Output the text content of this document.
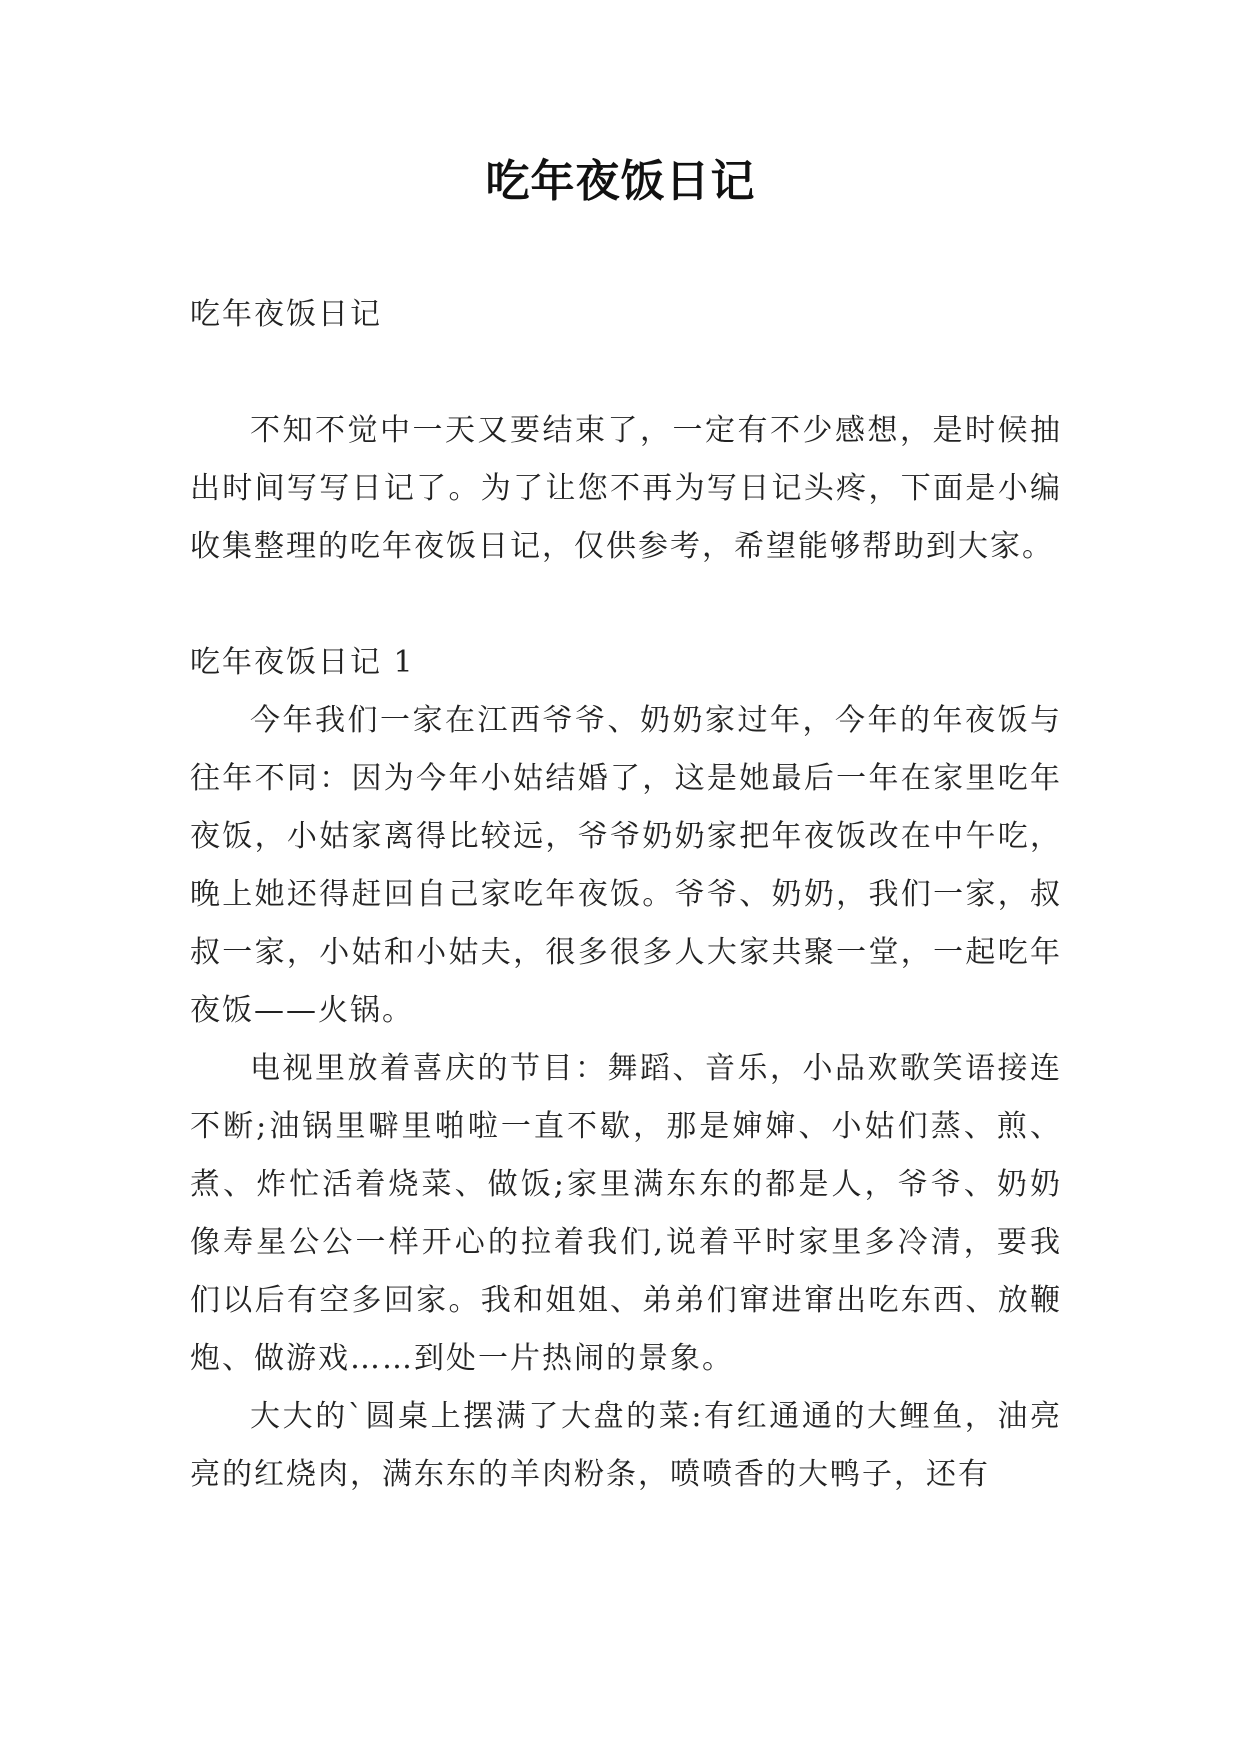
吃年夜饭日记

吃年夜饭日记

不知不觉中一天又要结束了，一定有不少感想，是时候抽出时间写写日记了。为了让您不再为写日记头疼，下面是小编收集整理的吃年夜饭日记，仅供参考，希望能够帮助到大家。

吃年夜饭日记 1

今年我们一家在江西爷爷、奶奶家过年，今年的年夜饭与往年不同：因为今年小姑结婚了，这是她最后一年在家里吃年夜饭，小姑家离得比较远，爷爷奶奶家把年夜饭改在中午吃，晚上她还得赶回自己家吃年夜饭。爷爷、奶奶，我们一家，叔叔一家，小姑和小姑夫，很多很多人大家共聚一堂，一起吃年夜饭——火锅。

电视里放着喜庆的节目：舞蹈、音乐，小品欢歌笑语接连不断;油锅里噼里啪啦一直不歇，那是婶婶、小姑们蒸、煎、煮、炸忙活着烧菜、做饭;家里满东东的都是人，爷爷、奶奶像寿星公公一样开心的拉着我们,说着平时家里多冷清，要我们以后有空多回家。我和姐姐、弟弟们窜进窜出吃东西、放鞭炮、做游戏……到处一片热闹的景象。

大大的`圆桌上摆满了大盘的菜:有红通通的大鲤鱼，油亮亮的红烧肉，满东东的羊肉粉条，喷喷香的大鸭子，还有
